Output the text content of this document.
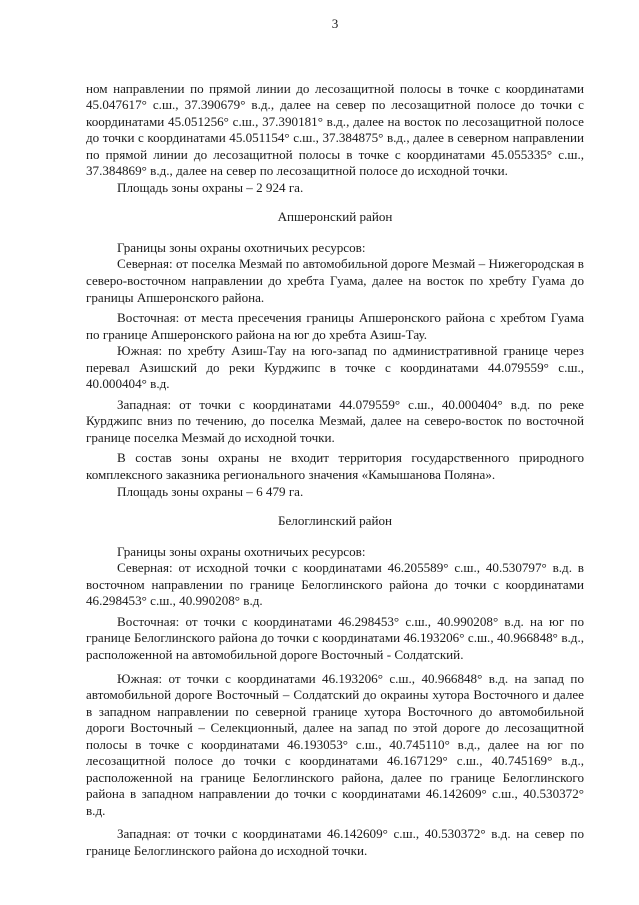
3

ном направлении по прямой линии до лесозащитной полосы в точке с координатами 45.047617° с.ш., 37.390679° в.д., далее на север по лесозащитной полосе до точки с координатами 45.051256° с.ш., 37.390181° в.д., далее на восток по лесозащитной полосе до точки с координатами 45.051154° с.ш., 37.384875° в.д., далее в северном направлении по прямой линии до лесозащитной полосы в точке с координатами 45.055335° с.ш., 37.384869° в.д., далее на север по лесозащитной полосе до исходной точки.

Площадь зоны охраны – 2 924 га.

Апшеронский район

Границы зоны охраны охотничьих ресурсов:

Северная: от поселка Мезмай по автомобильной дороге Мезмай – Нижегородская в северо-восточном направлении до хребта Гуама, далее на восток по хребту Гуама до границы Апшеронского района.

Восточная: от места пресечения границы Апшеронского района с хребтом Гуама по границе Апшеронского района на юг до хребта Азиш-Тау.

Южная: по хребту Азиш-Тау на юго-запад по административной границе через перевал Азишский до реки Курджипс в точке с координатами 44.079559° с.ш., 40.000404° в.д.

Западная: от точки с координатами 44.079559° с.ш., 40.000404° в.д. по реке Курджипс вниз по течению, до поселка Мезмай, далее на северо-восток по восточной границе поселка Мезмай до исходной точки.

В состав зоны охраны не входит территория государственного природного комплексного заказника регионального значения «Камышанова Поляна».

Площадь зоны охраны – 6 479 га.

Белоглинский район

Границы зоны охраны охотничьих ресурсов:

Северная: от исходной точки с координатами 46.205589° с.ш., 40.530797° в.д. в восточном направлении по границе Белоглинского района до точки с координатами 46.298453° с.ш., 40.990208° в.д.

Восточная: от точки с координатами 46.298453° с.ш., 40.990208° в.д. на юг по границе Белоглинского района до точки с координатами 46.193206° с.ш., 40.966848° в.д., расположенной на автомобильной дороге Восточный - Солдатский.

Южная: от точки с координатами 46.193206° с.ш., 40.966848° в.д. на запад по автомобильной дороге Восточный – Солдатский до окраины хутора Восточного и далее в западном направлении по северной границе хутора Восточного до автомобильной дороги Восточный – Селекционный, далее на запад по этой дороге до лесозащитной полосы в точке с координатами 46.193053° с.ш., 40.745110° в.д., далее на юг по лесозащитной полосе до точки с координатами 46.167129° с.ш., 40.745169° в.д., расположенной на границе Белоглинского района, далее по границе Белоглинского района в западном направлении до точки с координатами 46.142609° с.ш., 40.530372° в.д.

Западная: от точки с координатами 46.142609° с.ш., 40.530372° в.д. на север по границе Белоглинского района до исходной точки.
